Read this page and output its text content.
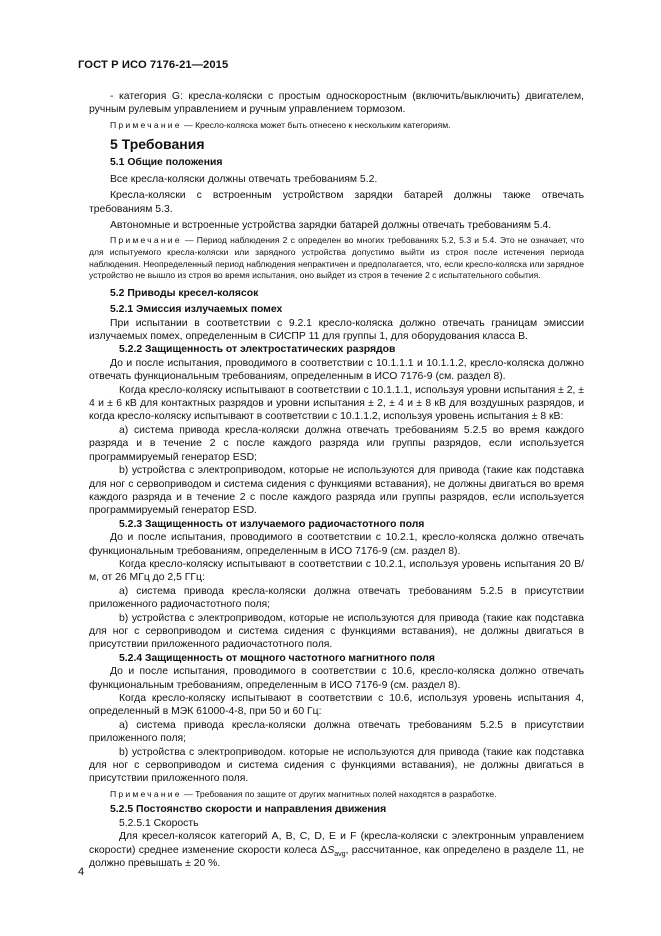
ГОСТ Р ИСО 7176-21—2015

- категория G: кресла-коляски с простым односкоростным (включить/выключить) двигателем, ручным рулевым управлением и ручным управлением тормозом.

Примечание — Кресло-коляска может быть отнесено к нескольким категориям.

5 Требования

5.1 Общие положения

Все кресла-коляски должны отвечать требованиям 5.2.

Кресла-коляски с встроенным устройством зарядки батарей должны также отвечать требованиям 5.3.

Автономные и встроенные устройства зарядки батарей должны отвечать требованиям 5.4.

Примечание — Период наблюдения 2 с определен во многих требованиях 5.2, 5.3 и 5.4. Это не означает, что для испытуемого кресла-коляски или зарядного устройства допустимо выйти из строя после истечения периода наблюдения. Неопределенный период наблюдения непрактичен и предполагается, что, если кресло-коляска или зарядное устройство не вышло из строя во время испытания, оно выйдет из строя в течение 2 с испытательного события.

5.2 Приводы кресел-колясок

5.2.1 Эмиссия излучаемых помех

При испытании в соответствии с 9.2.1 кресло-коляска должно отвечать границам эмиссии излучаемых помех, определенным в СИСПР 11 для группы 1, для оборудования класса В.

5.2.2 Защищенность от электростатических разрядов

До и после испытания, проводимого в соответствии с 10.1.1.1 и 10.1.1.2, кресло-коляска должно отвечать функциональным требованиям, определенным в ИСО 7176-9 (см. раздел 8).

Когда кресло-коляску испытывают в соответствии с 10.1.1.1, используя уровни испытания ± 2, ± 4 и ± 6 кВ для контактных разрядов и уровни испытания ± 2, ± 4 и ± 8 кВ для воздушных разрядов, и когда кресло-коляску испытывают в соответствии с 10.1.1.2, используя уровень испытания ± 8 кВ:

a) система привода кресла-коляски должна отвечать требованиям 5.2.5 во время каждого разряда и в течение 2 с после каждого разряда или группы разрядов, если используется программируемый генератор ESD;

b) устройства с электроприводом, которые не используются для привода (такие как подставка для ног с сервоприводом и система сидения с функциями вставания), не должны двигаться во время каждого разряда и в течение 2 с после каждого разряда или группы разрядов, если используется программируемый генератор ESD.

5.2.3 Защищенность от излучаемого радиочастотного поля

До и после испытания, проводимого в соответствии с 10.2.1, кресло-коляска должно отвечать функциональным требованиям, определенным в ИСО 7176-9 (см. раздел 8).

Когда кресло-коляску испытывают в соответствии с 10.2.1, используя уровень испытания 20 В/м, от 26 МГц до 2,5 ГГц:

a) система привода кресла-коляски должна отвечать требованиям 5.2.5 в присутствии приложенного радиочастотного поля;

b) устройства с электроприводом, которые не используются для привода (такие как подставка для ног с сервоприводом и система сидения с функциями вставания), не должны двигаться в присутствии приложенного радиочастотного поля.

5.2.4 Защищенность от мощного частотного магнитного поля

До и после испытания, проводимого в соответствии с 10.6, кресло-коляска должно отвечать функциональным требованиям, определенным в ИСО 7176-9 (см. раздел 8).

Когда кресло-коляску испытывают в соответствии с 10.6, используя уровень испытания 4, определенный в МЭК 61000-4-8, при 50 и 60 Гц:

a) система привода кресла-коляски должна отвечать требованиям 5.2.5 в присутствии приложенного поля;

b) устройства с электроприводом. которые не используются для привода (такие как подставка для ног с сервоприводом и система сидения с функциями вставания), не должны двигаться в присутствии приложенного поля.

Примечание — Требования по защите от других магнитных полей находятся в разработке.

5.2.5 Постоянство скорости и направления движения

5.2.5.1 Скорость

Для кресел-колясок категорий А, В, С, D, Е и F (кресла-коляски с электронным управлением скорости) среднее изменение скорости колеса $\Delta S_{avg}$, рассчитанное, как определено в разделе 11, не должно превышать ± 20 %.

4
